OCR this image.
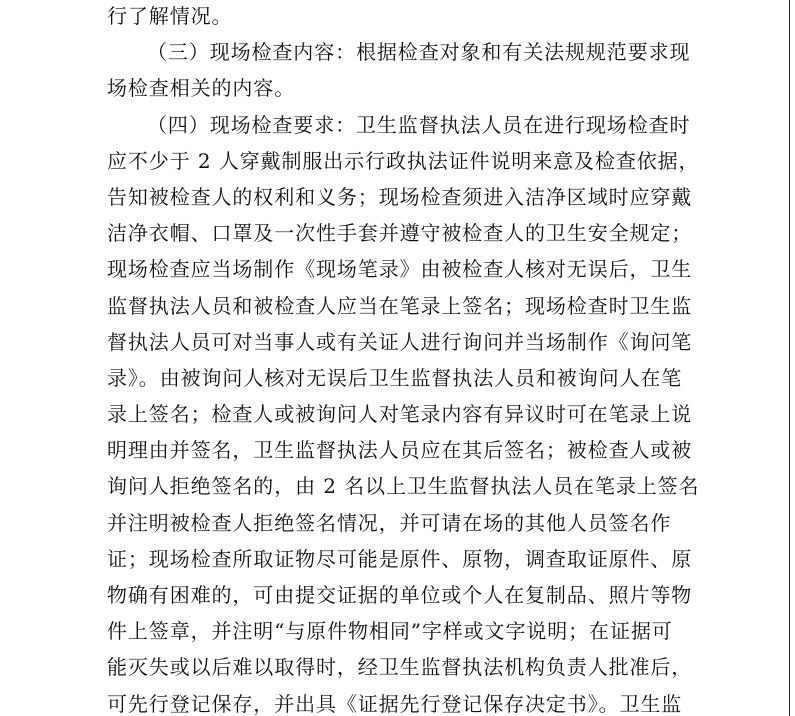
行了解情况。
（三）现场检查内容：根据检查对象和有关法规规范要求现
场检查相关的内容。
（四）现场检查要求：卫生监督执法人员在进行现场检查时
应不少于 2 人穿戴制服出示行政执法证件说明来意及检查依据，
告知被检查人的权利和义务；现场检查须进入洁净区域时应穿戴
洁净衣帽、口罩及一次性手套并遵守被检查人的卫生安全规定；
现场检查应当场制作《现场笔录》由被检查人核对无误后，卫生
监督执法人员和被检查人应当在笔录上签名；现场检查时卫生监
督执法人员可对当事人或有关证人进行询问并当场制作《询问笔
录》。由被询问人核对无误后卫生监督执法人员和被询问人在笔
录上签名；检查人或被询问人对笔录内容有异议时可在笔录上说
明理由并签名，卫生监督执法人员应在其后签名；被检查人或被
询问人拒绝签名的，由 2 名以上卫生监督执法人员在笔录上签名
并注明被检查人拒绝签名情况，并可请在场的其他人员签名作
证；现场检查所取证物尽可能是原件、原物，调查取证原件、原
物确有困难的，可由提交证据的单位或个人在复制品、照片等物
件上签章，并注明“与原件物相同”字样或文字说明；在证据可
能灭失或以后难以取得时，经卫生监督执法机构负责人批准后，
可先行登记保存，并出具《证据先行登记保存决定书》。卫生监
